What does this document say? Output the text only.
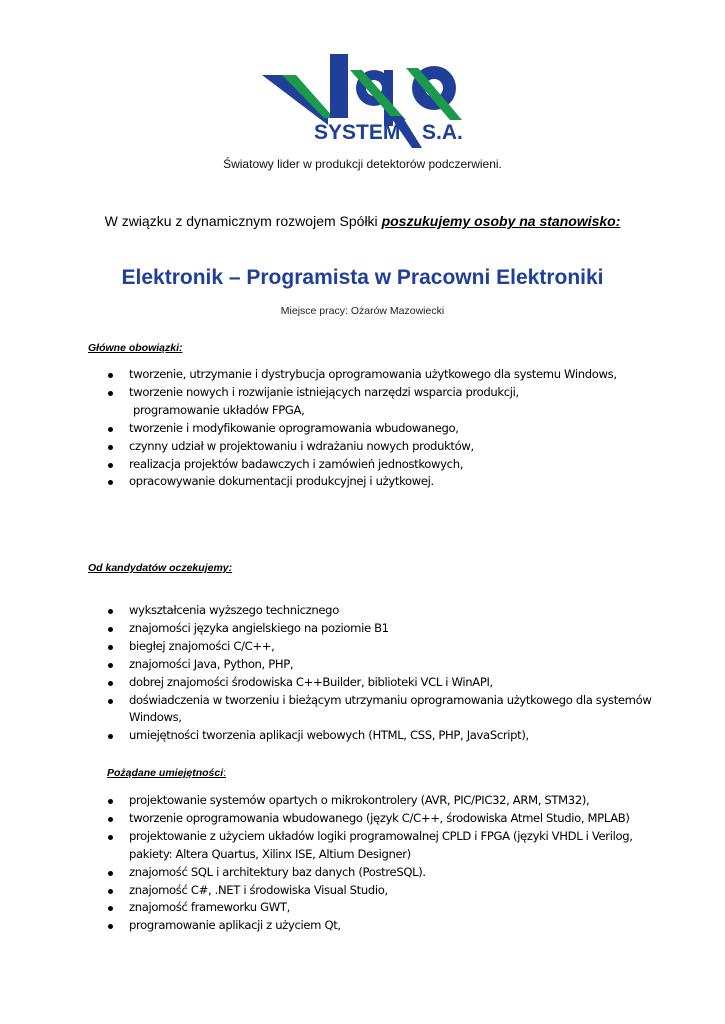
SYSTEM S.A.
Światowy lider w produkcji detektorów podczerwieni.
W związku z dynamicznym rozwojem Spółki poszukujemy osoby na stanowisko:
Elektronik – Programista w Pracowni Elektroniki
Miejsce pracy: Ożarów Mazowiecki
Główne obowiązki:
tworzenie, utrzymanie i dystrybucja oprogramowania użytkowego dla systemu Windows,
tworzenie nowych i rozwijanie istniejących narzędzi wsparcia produkcji,
programowanie układów FPGA,
tworzenie i modyfikowanie oprogramowania wbudowanego,
czynny udział w projektowaniu i wdrażaniu nowych produktów,
realizacja projektów badawczych i zamówień jednostkowych,
opracowywanie dokumentacji produkcyjnej i użytkowej.
Od kandydatów oczekujemy:
wykształcenia wyższego technicznego
znajomości języka angielskiego na poziomie B1
biegłej znajomości C/C++,
znajomości Java, Python, PHP,
dobrej znajomości środowiska C++Builder, biblioteki VCL i WinAPI,
doświadczenia w tworzeniu i bieżącym utrzymaniu oprogramowania użytkowego dla systemów Windows,
umiejętności tworzenia aplikacji webowych (HTML, CSS, PHP, JavaScript),
Pożądane umiejętności:
projektowanie systemów opartych o mikrokontrolery (AVR, PIC/PIC32, ARM, STM32),
tworzenie oprogramowania wbudowanego (język C/C++, środowiska Atmel Studio, MPLAB)
projektowanie z użyciem układów logiki programowalnej CPLD i FPGA (języki VHDL i Verilog, pakiety: Altera Quartus, Xilinx ISE, Altium Designer)
znajomość SQL i architektury baz danych (PostreSQL).
znajomość C#, .NET i środowiska Visual Studio,
znajomość frameworku GWT,
programowanie aplikacji z użyciem Qt,
